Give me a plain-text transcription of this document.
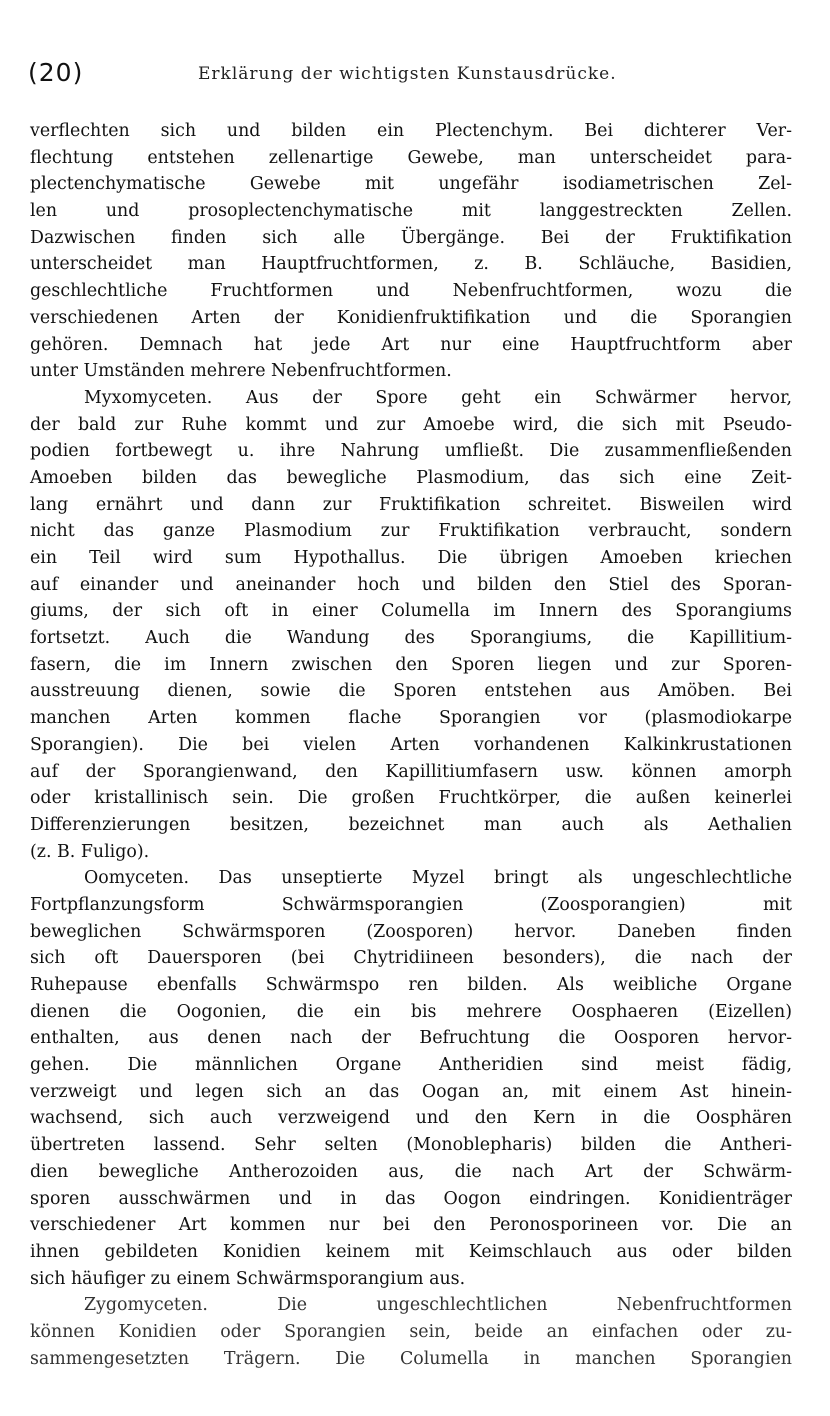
(20)	Erklärung der wichtigsten Kunstausdrücke.
verflechten sich und bilden ein Plectenchym. Bei dichterer Ver-
flechtung entstehen zellenartige Gewebe, man unterscheidet para-
plectenchymatische Gewebe mit ungefähr isodiametrischen Zel-
len und prosoplectenchymatische mit langgestreckten Zellen.
Dazwischen finden sich alle Übergänge. Bei der Fruktifikation
unterscheidet man Hauptfruchtformen, z. B. Schläuche, Basidien,
geschlechtliche Fruchtformen und Nebenfruchtformen, wozu die
verschiedenen Arten der Konidienfruktifikation und die Sporangien
gehören. Demnach hat jede Art nur eine Hauptfruchtform aber
unter Umständen mehrere Nebenfruchtformen.
Myxomyceten. Aus der Spore geht ein Schwärmer hervor,
der bald zur Ruhe kommt und zur Amoebe wird, die sich mit Pseudo-
podien fortbewegt u. ihre Nahrung umfließt. Die zusammenfließenden
Amoeben bilden das bewegliche Plasmodium, das sich eine Zeit-
lang ernährt und dann zur Fruktifikation schreitet. Bisweilen wird
nicht das ganze Plasmodium zur Fruktifikation verbraucht, sondern
ein Teil wird sum Hypothallus. Die übrigen Amoeben kriechen
auf einander und aneinander hoch und bilden den Stiel des Sporan-
giums, der sich oft in einer Columella im Innern des Sporangiums
fortsetzt. Auch die Wandung des Sporangiums, die Kapillitium-
fasern, die im Innern zwischen den Sporen liegen und zur Sporen-
ausstreuung dienen, sowie die Sporen entstehen aus Amöben. Bei
manchen Arten kommen flache Sporangien vor (plasmodiokarpe
Sporangien). Die bei vielen Arten vorhandenen Kalkinkrustationen
auf der Sporangienwand, den Kapillitiumfasern usw. können amorph
oder kristallinisch sein. Die großen Fruchtkörper, die außen keinerlei
Differenzierungen besitzen, bezeichnet man auch als Aethalien
(z. B. Fuligo).
Oomyceten. Das unseptierte Myzel bringt als ungeschlechtliche
Fortpflanzungsform Schwärmsporangien (Zoosporangien) mit
beweglichen Schwärmsporen (Zoosporen) hervor. Daneben finden
sich oft Dauersporen (bei Chytridiineen besonders), die nach der
Ruhepause ebenfalls Schwärmspo ren bilden. Als weibliche Organe
dienen die Oogonien, die ein bis mehrere Oosphaeren (Eizellen)
enthalten, aus denen nach der Befruchtung die Oosporen hervor-
gehen. Die männlichen Organe Antheridien sind meist fädig,
verzweigt und legen sich an das Oogan an, mit einem Ast hinein-
wachsend, sich auch verzweigend und den Kern in die Oosphären
übertreten lassend. Sehr selten (Monoblepharis) bilden die Antheri-
dien bewegliche Antherozoiden aus, die nach Art der Schwärm-
sporen ausschwärmen und in das Oogon eindringen. Konidienträger
verschiedener Art kommen nur bei den Peronosporineen vor. Die an
ihnen gebildeten Konidien keinem mit Keimschlauch aus oder bilden
sich häufiger zu einem Schwärmsporangium aus.
Zygomyceten. Die ungeschlechtlichen Nebenfruchtformen
können Konidien oder Sporangien sein, beide an einfachen oder zu-
sammengesetzten Trägern. Die Columella in manchen Sporangien
